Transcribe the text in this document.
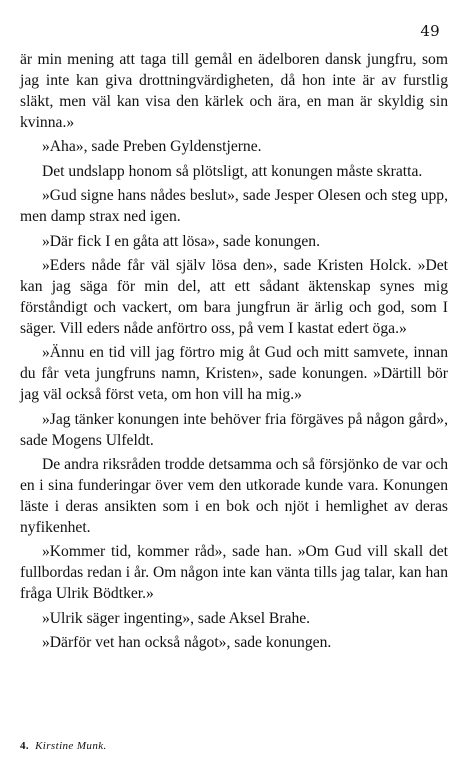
49

är min mening att taga till gemål en ädelboren dansk jungfru, som jag inte kan giva drottningvärdigheten, då hon inte är av furstlig släkt, men väl kan visa den kärlek och ära, en man är skyldig sin kvinna.»

»Aha», sade Preben Gyldenstjerne.

Det undslapp honom så plötsligt, att konungen måste skratta.

»Gud signe hans nådes beslut», sade Jesper Olesen och steg upp, men damp strax ned igen.

»Där fick I en gåta att lösa», sade konungen.

»Eders nåde får väl själv lösa den», sade Kristen Holck. »Det kan jag säga för min del, att ett sådant äktenskap synes mig förståndigt och vackert, om bara jungfrun är ärlig och god, som I säger. Vill eders nåde anförtro oss, på vem I kastat edert öga.»

»Ännu en tid vill jag förtro mig åt Gud och mitt samvete, innan du får veta jungfruns namn, Kristen», sade konungen. »Därtill bör jag väl också först veta, om hon vill ha mig.»

»Jag tänker konungen inte behöver fria förgäves på någon gård», sade Mogens Ulfeldt.

De andra riksråden trodde detsamma och så försjönko de var och en i sina funderingar över vem den utkorade kunde vara. Konungen läste i deras ansikten som i en bok och njöt i hemlighet av deras nyfikenhet.

»Kommer tid, kommer råd», sade han. »Om Gud vill skall det fullbordas redan i år. Om någon inte kan vänta tills jag talar, kan han fråga Ulrik Bödtker.»

»Ulrik säger ingenting», sade Aksel Brahe.

»Därför vet han också något», sade konungen.

4. Kirstine Munk.
